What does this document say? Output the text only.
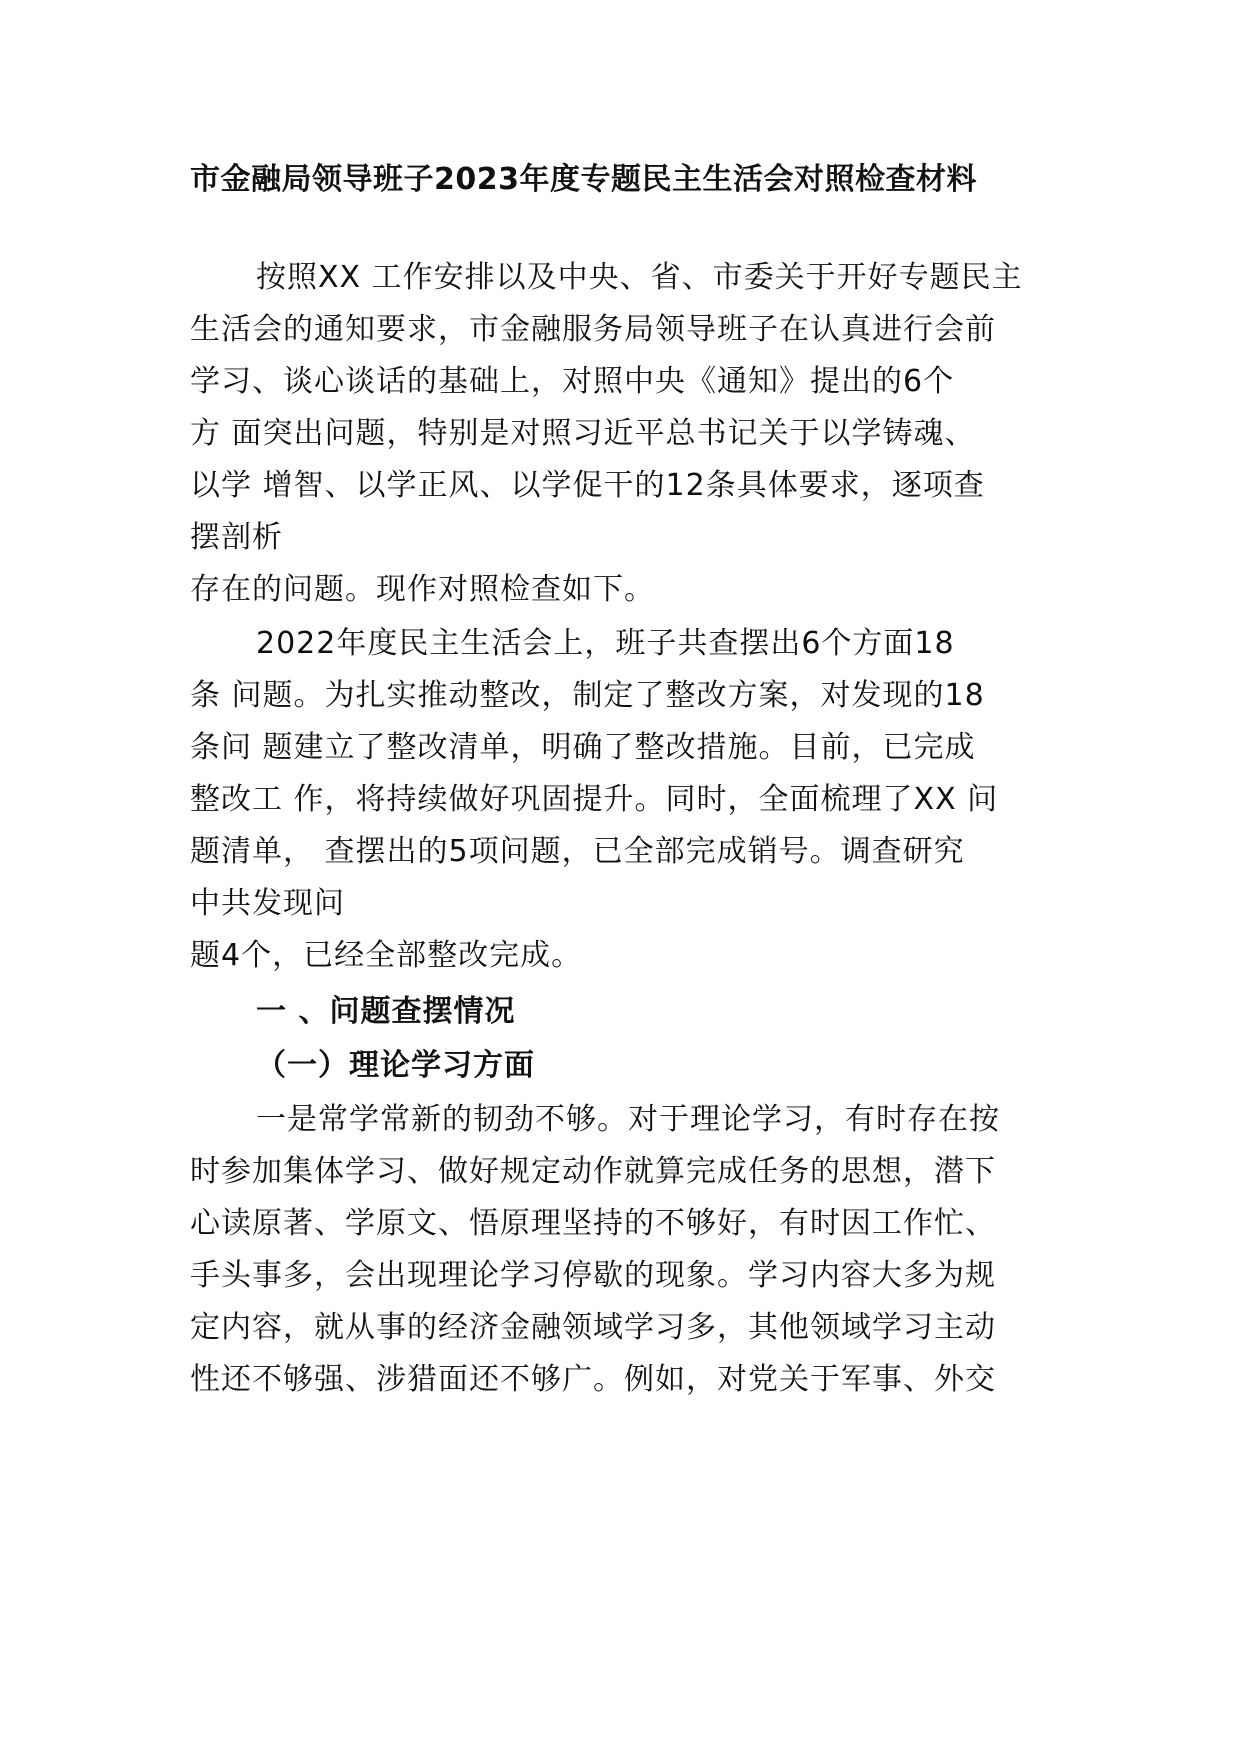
市金融局领导班子2023年度专题民主生活会对照检查材料
按照XX 工作安排以及中央、省、市委关于开好专题民主
生活会的通知要求，市金融服务局领导班子在认真进行会前
学习、谈心谈话的基础上，对照中央《通知》提出的6个
方 面突出问题，特别是对照习近平总书记关于以学铸魂、
以学 增智、以学正风、以学促干的12条具体要求，逐项查
摆剖析
存在的问题。现作对照检查如下。
2022年度民主生活会上，班子共查摆出6个方面18
条 问题。为扎实推动整改，制定了整改方案，对发现的18
条问 题建立了整改清单，明确了整改措施。目前，已完成
整改工 作，将持续做好巩固提升。同时，全面梳理了XX 问
题清单， 查摆出的5项问题，已全部完成销号。调查研究
中共发现问
题4个，已经全部整改完成。
一 、问题查摆情况
（一）理论学习方面
一是常学常新的韧劲不够。对于理论学习，有时存在按
时参加集体学习、做好规定动作就算完成任务的思想，潜下
心读原著、学原文、悟原理坚持的不够好，有时因工作忙、
手头事多，会出现理论学习停歇的现象。学习内容大多为规
定内容，就从事的经济金融领域学习多，其他领域学习主动
性还不够强、涉猎面还不够广。例如，对党关于军事、外交
